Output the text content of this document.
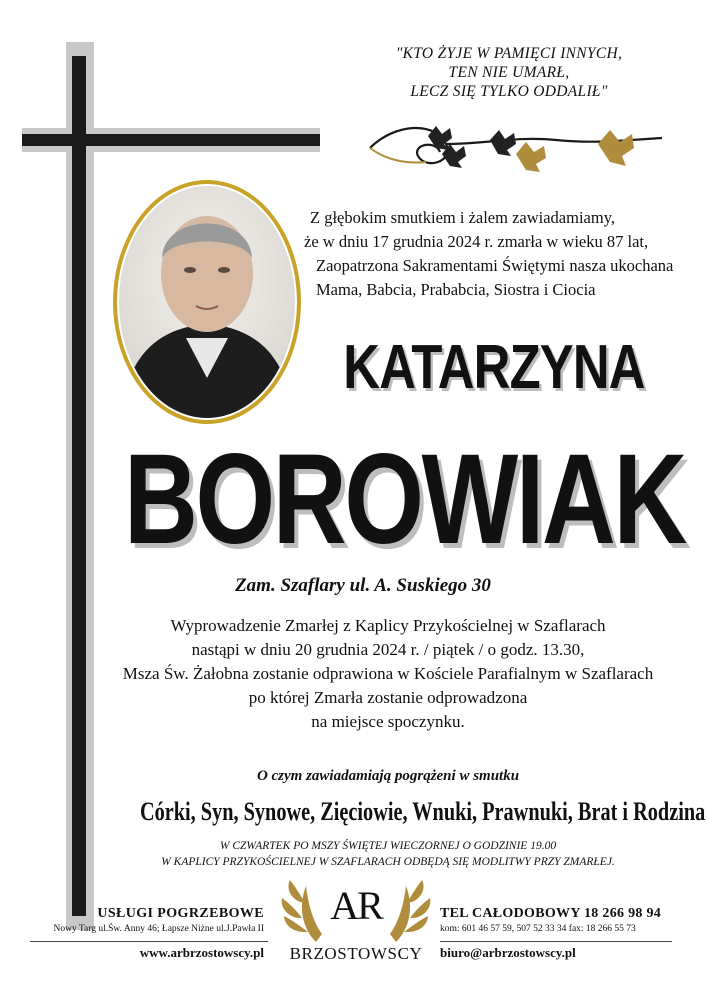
"KTO ŻYJE W PAMIĘCI INNYCH,
TEN NIE UMARŁ,
LECZ SIĘ TYLKO ODDALIŁ"
Z głębokim smutkiem i żalem zawiadamiamy,
że w dniu 17 grudnia 2024 r. zmarła w wieku 87 lat,
Zaopatrzona Sakramentami Świętymi nasza ukochana
Mama, Babcia, Prababcia, Siostra i Ciocia
KATARZYNA
BOROWIAK
Zam. Szaflary ul. A. Suskiego 30
Wyprowadzenie Zmarłej z Kaplicy Przykościelnej w Szaflarach
nastąpi w dniu 20 grudnia 2024 r. / piątek / o godz. 13.30,
Msza Św. Żałobna zostanie odprawiona w Kościele Parafialnym w Szaflarach
po której Zmarła zostanie odprowadzona
na miejsce spoczynku.
O czym zawiadamiają pogrążeni w smutku
Córki, Syn, Synowe, Zięciowie, Wnuki, Prawnuki, Brat i Rodzina
W CZWARTEK PO MSZY ŚWIĘTEJ WIECZORNEJ O GODZINIE 19.00
W KAPLICY PRZYKOŚCIELNEJ W SZAFLARACH ODBĘDĄ SIĘ MODLITWY PRZY ZMARŁEJ.
USŁUGI POGRZEBOWE
Nowy Targ ul.Św. Anny 46; Łapsze Niżne ul.J.Pawła II
www.arbrzostowscy.pl
AR
BRZOSTOWSCY
TEL CAŁODOBOWY 18 266 98 94
kom: 601 46 57 59, 507 52 33 34 fax: 18 266 55 73
biuro@arbrzostowscy.pl
